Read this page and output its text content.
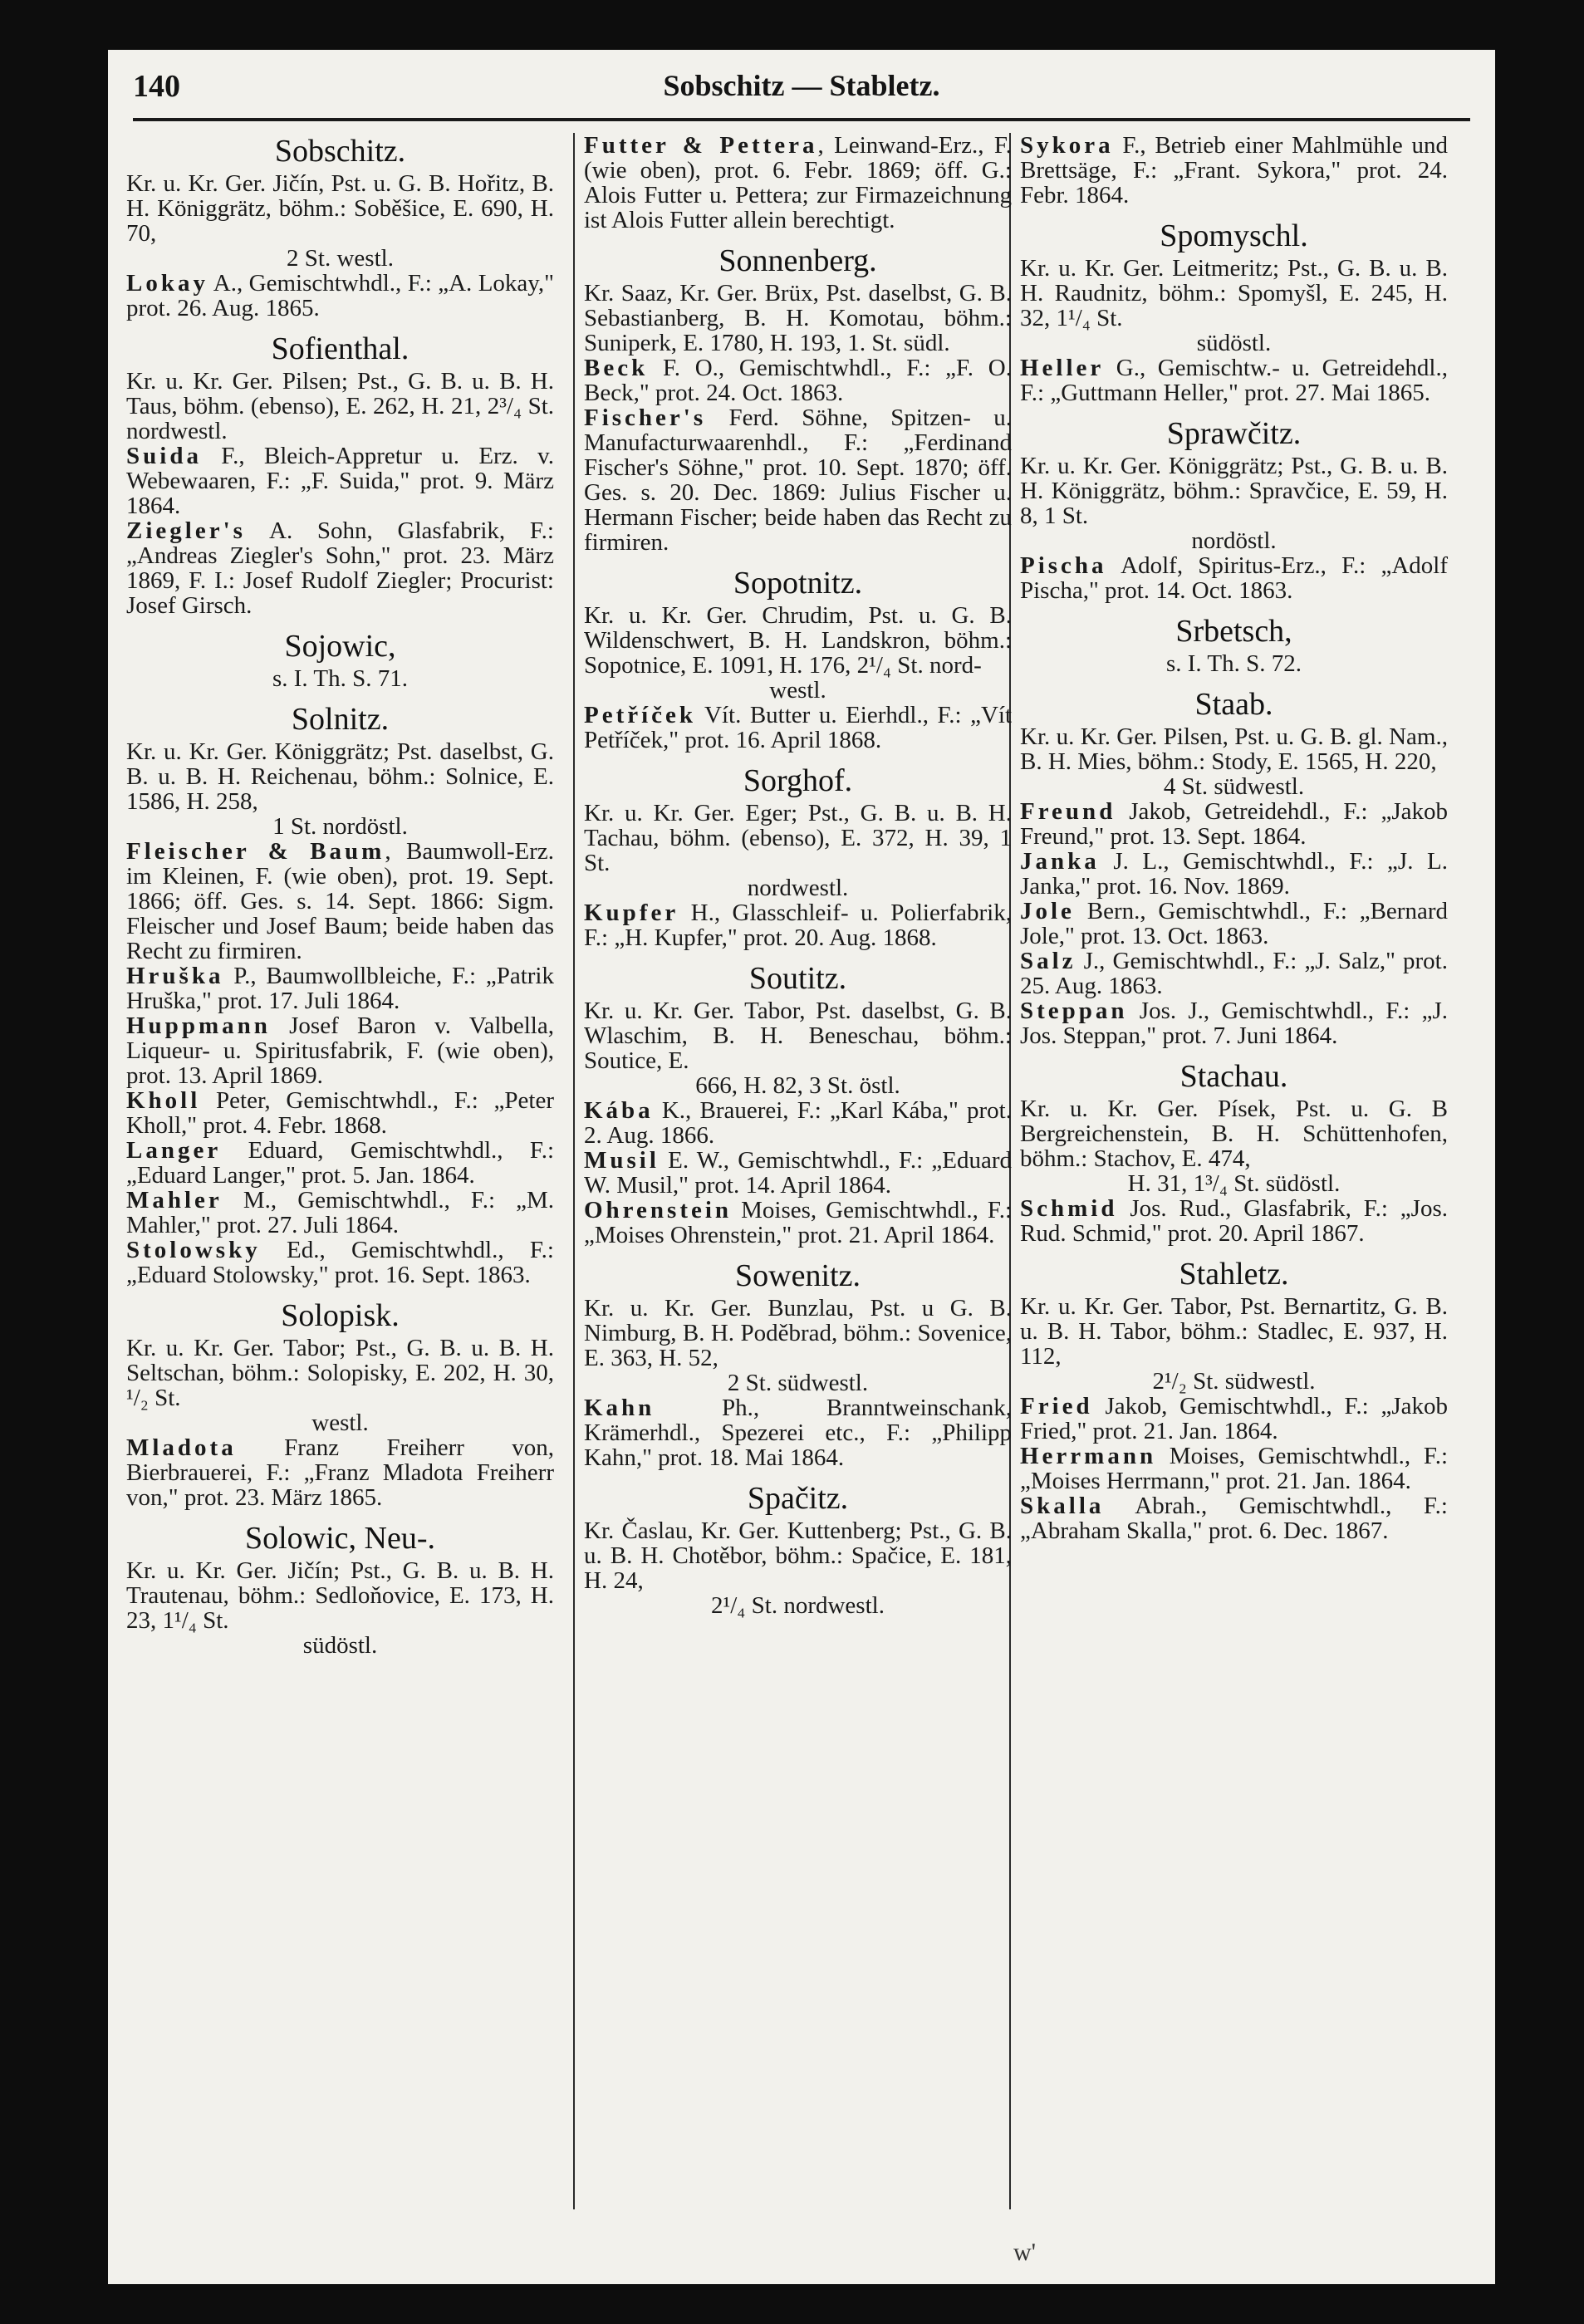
140	Sobschitz — Stabletz.
Sobschitz.
Kr. u. Kr. Ger. Jičín, Pst. u. G. B. Hořitz, B. H. Königgrätz, böhm.: Soběšice, E. 690, H. 70,
2 St. westl.
Lokay A., Gemischtwhdl., F.: „A. Lokay," prot. 26. Aug. 1865.
Sofienthal.
Kr. u. Kr. Ger. Pilsen; Pst., G. B. u. B. H. Taus, böhm. (ebenso), E. 262, H. 21, 2³/₄ St. nordwestl.
Suida F., Bleich-Appretur u. Erz. v. Webewaaren, F.: „F. Suida," prot. 9. März 1864.
Ziegler's A. Sohn, Glasfabrik, F.: „Andreas Ziegler's Sohn," prot. 23. März 1869, F. I.: Josef Rudolf Ziegler; Procurist: Josef Girsch.
Sojowic,
s. I. Th. S. 71.
Solnitz.
Kr. u. Kr. Ger. Königgrätz; Pst. daselbst, G. B. u. B. H. Reichenau, böhm.: Solnice, E. 1586, H. 258,
1 St. nordöstl.
Fleischer & Baum, Baumwoll-Erz. im Kleinen, F. (wie oben), prot. 19. Sept. 1866; öff. Ges. s. 14. Sept. 1866: Sigm. Fleischer und Josef Baum; beide haben das Recht zu firmiren.
Hruška P., Baumwollbleiche, F.: „Patrik Hruška," prot. 17. Juli 1864.
Huppmann Josef Baron v. Valbella, Liqueur- u. Spiritusfabrik, F. (wie oben), prot. 13. April 1869.
Kholl Peter, Gemischtwhdl., F.: „Peter Kholl," prot. 4. Febr. 1868.
Langer Eduard, Gemischtwhdl., F.: „Eduard Langer," prot. 5. Jan. 1864.
Mahler M., Gemischtwhdl., F.: „M. Mahler," prot. 27. Juli 1864.
Stolowsky Ed., Gemischtwhdl., F.: „Eduard Stolowsky," prot. 16. Sept. 1863.
Solopisk.
Kr. u. Kr. Ger. Tabor; Pst., G. B. u. B. H. Seltschan, böhm.: Solopisky, E. 202, H. 30, ¹/₂ St.
westl.
Mladota Franz Freiherr von, Bierbrauerei, F.: „Franz Mladota Freiherr von," prot. 23. März 1865.
Solowic, Neu-.
Kr. u. Kr. Ger. Jičín; Pst., G. B. u. B. H. Trautenau, böhm.: Sedloňovice, E. 173, H. 23, 1¹/₄ St.
südöstl.
Futter & Pettera, Leinwand-Erz., F. (wie oben), prot. 6. Febr. 1869; öff. G.: Alois Futter u. Pettera; zur Firmazeichnung ist Alois Futter allein berechtigt.
Sonnenberg.
Kr. Saaz, Kr. Ger. Brüx, Pst. daselbst, G. B. Sebastianberg, B. H. Komotau, böhm.: Suniperk, E. 1780, H. 193, 1. St. südl.
Beck F. O., Gemischtwhdl., F.: „F. O. Beck," prot. 24. Oct. 1863.
Fischer's Ferd. Söhne, Spitzen- u. Manufacturwaarenhdl., F.: „Ferdinand Fischer's Söhne," prot. 10. Sept. 1870; öff. Ges. s. 20. Dec. 1869: Julius Fischer u. Hermann Fischer; beide haben das Recht zu firmiren.
Sopotnitz.
Kr. u. Kr. Ger. Chrudim, Pst. u. G. B. Wildenschwert, B. H. Landskron, böhm.: Sopotnice, E. 1091, H. 176, 2¹/₄ St. nord-
westl.
Petříček Vít. Butter u. Eierhdl., F.: „Vít Petříček," prot. 16. April 1868.
Sorghof.
Kr. u. Kr. Ger. Eger; Pst., G. B. u. B. H. Tachau, böhm. (ebenso), E. 372, H. 39, 1 St.
nordwestl.
Kupfer H., Glasschleif- u. Polierfabrik, F.: „H. Kupfer," prot. 20. Aug. 1868.
Soutitz.
Kr. u. Kr. Ger. Tabor, Pst. daselbst, G. B. Wlaschim, B. H. Beneschau, böhm.: Soutice, E.
666, H. 82, 3 St. östl.
Kába K., Brauerei, F.: „Karl Kába," prot. 2. Aug. 1866.
Musil E. W., Gemischtwhdl., F.: „Eduard W. Musil," prot. 14. April 1864.
Ohrenstein Moises, Gemischtwhdl., F.: „Moises Ohrenstein," prot. 21. April 1864.
Sowenitz.
Kr. u. Kr. Ger. Bunzlau, Pst. u G. B. Nimburg, B. H. Poděbrad, böhm.: Sovenice, E. 363, H. 52,
2 St. südwestl.
Kahn Ph., Branntweinschank, Krämerhdl., Spezerei etc., F.: „Philipp Kahn," prot. 18. Mai 1864.
Spačitz.
Kr. Časlau, Kr. Ger. Kuttenberg; Pst., G. B. u. B. H. Chotěbor, böhm.: Spačice, E. 181, H. 24,
2¹/₄ St. nordwestl.
Sykora F., Betrieb einer Mahlmühle und Brettsäge, F.: „Frant. Sykora," prot. 24. Febr. 1864.
Spomyschl.
Kr. u. Kr. Ger. Leitmeritz; Pst., G. B. u. B. H. Raudnitz, böhm.: Spomyšl, E. 245, H. 32, 1¹/₄ St.
südöstl.
Heller G., Gemischtw.- u. Getreidehdl., F.: „Guttmann Heller," prot. 27. Mai 1865.
Sprawčitz.
Kr. u. Kr. Ger. Königgrätz; Pst., G. B. u. B. H. Königgrätz, böhm.: Spravčice, E. 59, H. 8, 1 St.
nordöstl.
Pischa Adolf, Spiritus-Erz., F.: „Adolf Pischa," prot. 14. Oct. 1863.
Srbetsch,
s. I. Th. S. 72.
Staab.
Kr. u. Kr. Ger. Pilsen, Pst. u. G. B. gl. Nam., B. H. Mies, böhm.: Stody, E. 1565, H. 220,
4 St. südwestl.
Freund Jakob, Getreidehdl., F.: „Jakob Freund," prot. 13. Sept. 1864.
Janka J. L., Gemischtwhdl., F.: „J. L. Janka," prot. 16. Nov. 1869.
Jole Bern., Gemischtwhdl., F.: „Bernard Jole," prot. 13. Oct. 1863.
Salz J., Gemischtwhdl., F.: „J. Salz," prot. 25. Aug. 1863.
Steppan Jos. J., Gemischtwhdl., F.: „J. Jos. Steppan," prot. 7. Juni 1864.
Stachau.
Kr. u. Kr. Ger. Písek, Pst. u. G. B Bergreichenstein, B. H. Schüttenhofen, böhm.: Stachov, E. 474,
H. 31, 1³/₄ St. südöstl.
Schmid Jos. Rud., Glasfabrik, F.: „Jos. Rud. Schmid," prot. 20. April 1867.
Stahletz.
Kr. u. Kr. Ger. Tabor, Pst. Bernartitz, G. B. u. B. H. Tabor, böhm.: Stadlec, E. 937, H. 112,
2¹/₂ St. südwestl.
Fried Jakob, Gemischtwhdl., F.: „Jakob Fried," prot. 21. Jan. 1864.
Herrmann Moises, Gemischtwhdl., F.: „Moises Herrmann," prot. 21. Jan. 1864.
Skalla Abrah., Gemischtwhdl., F.: „Abraham Skalla," prot. 6. Dec. 1867.
w'
